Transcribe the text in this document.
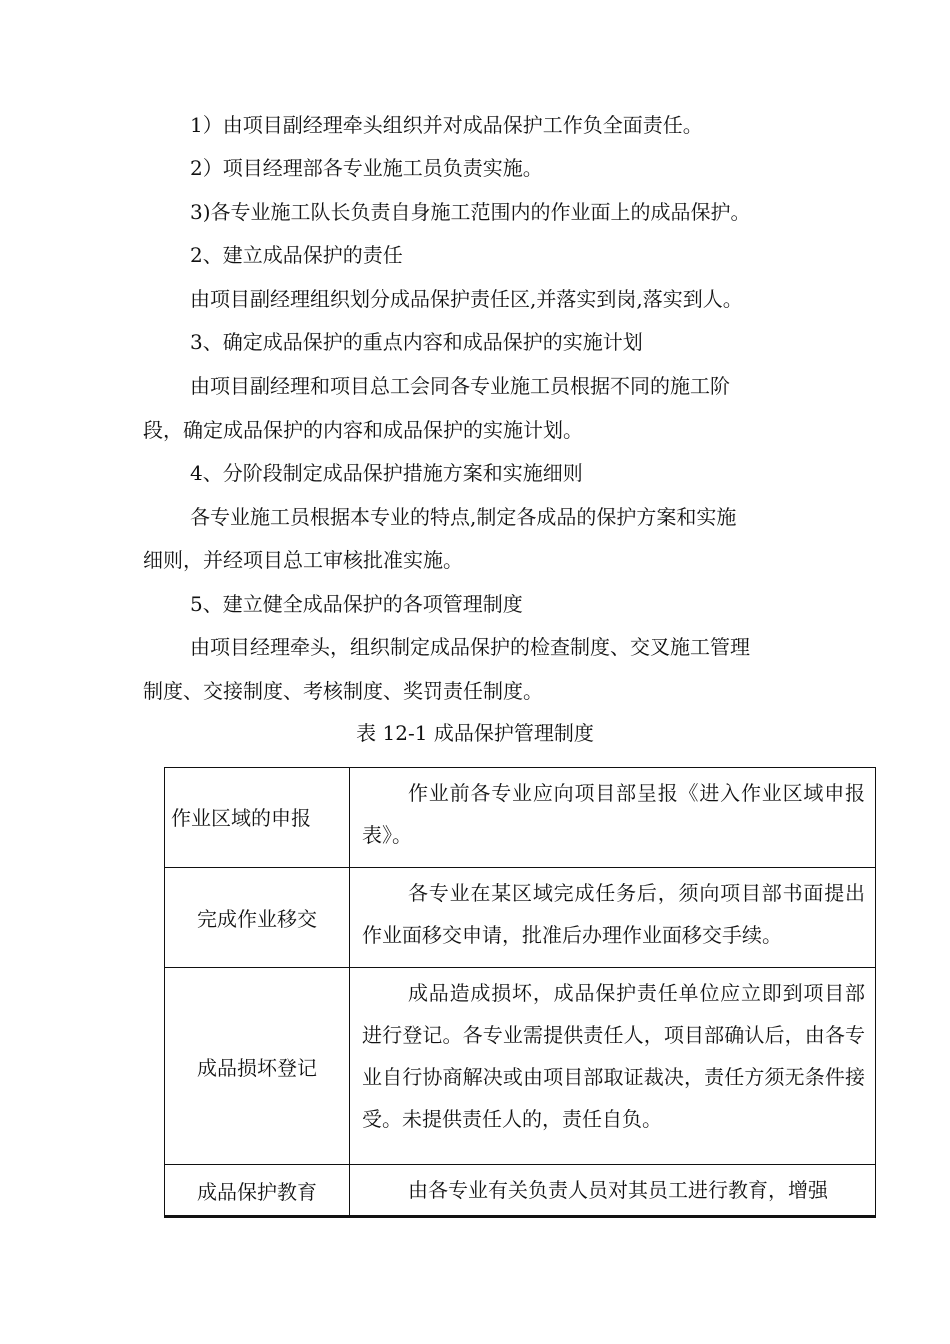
1）由项目副经理牵头组织并对成品保护工作负全面责任。
2）项目经理部各专业施工员负责实施。
3)各专业施工队长负责自身施工范围内的作业面上的成品保护。
2、建立成品保护的责任
由项目副经理组织划分成品保护责任区,并落实到岗,落实到人。
3、确定成品保护的重点内容和成品保护的实施计划
由项目副经理和项目总工会同各专业施工员根据不同的施工阶
段，确定成品保护的内容和成品保护的实施计划。
4、分阶段制定成品保护措施方案和实施细则
各专业施工员根据本专业的特点,制定各成品的保护方案和实施
细则，并经项目总工审核批准实施。
5、建立健全成品保护的各项管理制度
由项目经理牵头，组织制定成品保护的检查制度、交叉施工管理
制度、交接制度、考核制度、奖罚责任制度。
表 12-1 成品保护管理制度
作业区域的申报	作业前各专业应向项目部呈报《进入作业区域申报表》。
完成作业移交	各专业在某区域完成任务后，须向项目部书面提出作业面移交申请，批准后办理作业面移交手续。
成品损坏登记	成品造成损坏，成品保护责任单位应立即到项目部进行登记。各专业需提供责任人，项目部确认后，由各专业自行协商解决或由项目部取证裁决，责任方须无条件接受。未提供责任人的，责任自负。
成品保护教育	由各专业有关负责人员对其员工进行教育，增强
